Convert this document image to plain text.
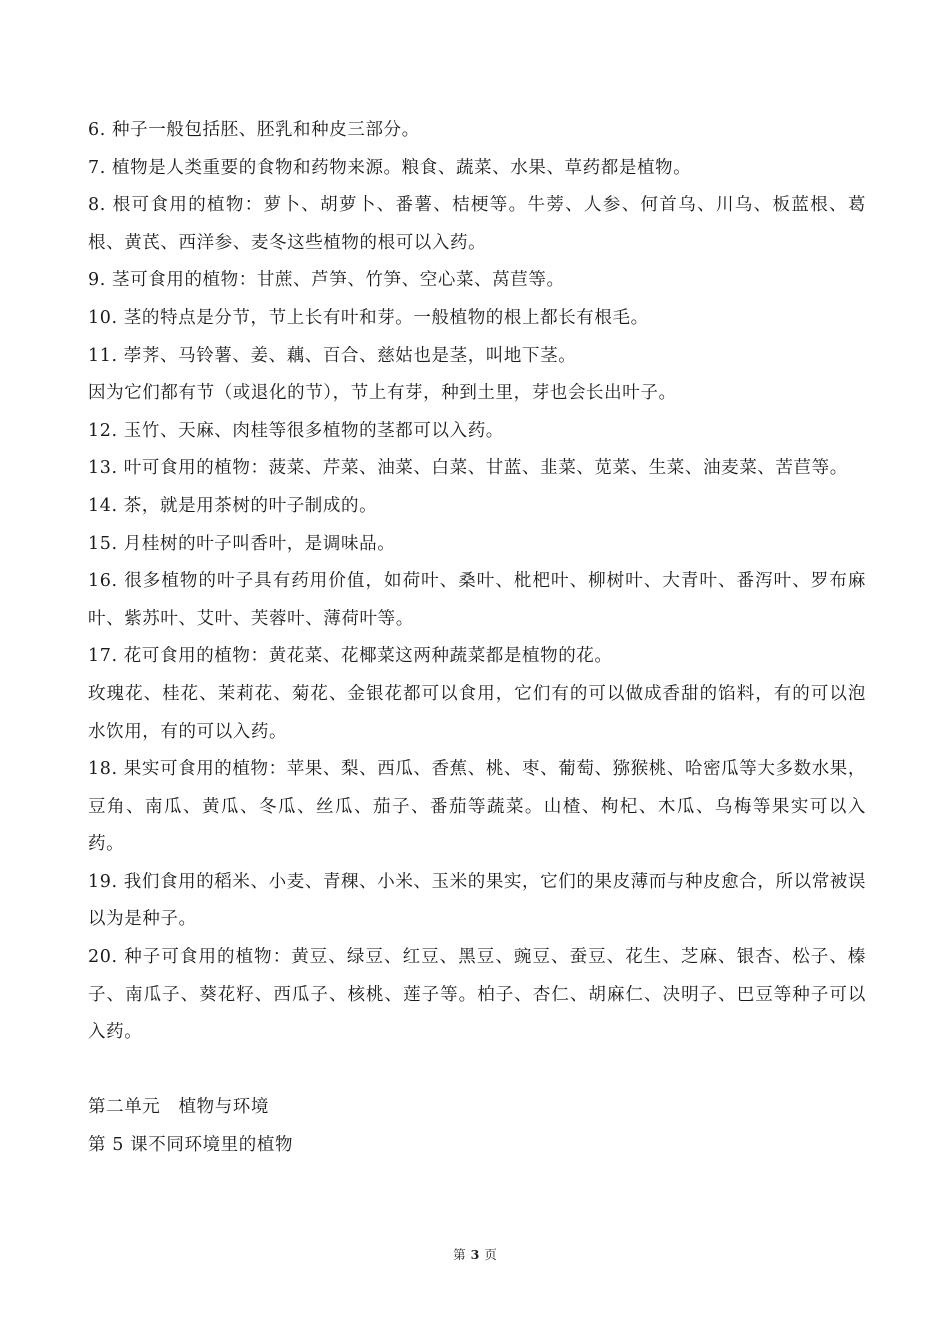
6. 种子一般包括胚、胚乳和种皮三部分。

7. 植物是人类重要的食物和药物来源。粮食、蔬菜、水果、草药都是植物。

8. 根可食用的植物：萝卜、胡萝卜、番薯、桔梗等。牛蒡、人参、何首乌、川乌、板蓝根、葛根、黄芪、西洋参、麦冬这些植物的根可以入药。

9. 茎可食用的植物：甘蔗、芦笋、竹笋、空心菜、莴苣等。

10. 茎的特点是分节，节上长有叶和芽。一般植物的根上都长有根毛。

11. 荸荠、马铃薯、姜、藕、百合、慈姑也是茎，叫地下茎。

因为它们都有节（或退化的节），节上有芽，种到土里，芽也会长出叶子。

12. 玉竹、天麻、肉桂等很多植物的茎都可以入药。

13. 叶可食用的植物：菠菜、芹菜、油菜、白菜、甘蓝、韭菜、苋菜、生菜、油麦菜、苦苣等。

14. 茶，就是用茶树的叶子制成的。

15. 月桂树的叶子叫香叶，是调味品。

16. 很多植物的叶子具有药用价值，如荷叶、桑叶、枇杷叶、柳树叶、大青叶、番泻叶、罗布麻叶、紫苏叶、艾叶、芙蓉叶、薄荷叶等。

17. 花可食用的植物：黄花菜、花椰菜这两种蔬菜都是植物的花。

玫瑰花、桂花、茉莉花、菊花、金银花都可以食用，它们有的可以做成香甜的馅料，有的可以泡水饮用，有的可以入药。

18. 果实可食用的植物：苹果、梨、西瓜、香蕉、桃、枣、葡萄、猕猴桃、哈密瓜等大多数水果，豆角、南瓜、黄瓜、冬瓜、丝瓜、茄子、番茄等蔬菜。山楂、枸杞、木瓜、乌梅等果实可以入药。

19. 我们食用的稻米、小麦、青稞、小米、玉米的果实，它们的果皮薄而与种皮愈合，所以常被误以为是种子。

20. 种子可食用的植物：黄豆、绿豆、红豆、黑豆、豌豆、蚕豆、花生、芝麻、银杏、松子、榛子、南瓜子、葵花籽、西瓜子、核桃、莲子等。柏子、杏仁、胡麻仁、决明子、巴豆等种子可以入药。

第二单元　植物与环境

第 5 课不同环境里的植物

第 3 页
